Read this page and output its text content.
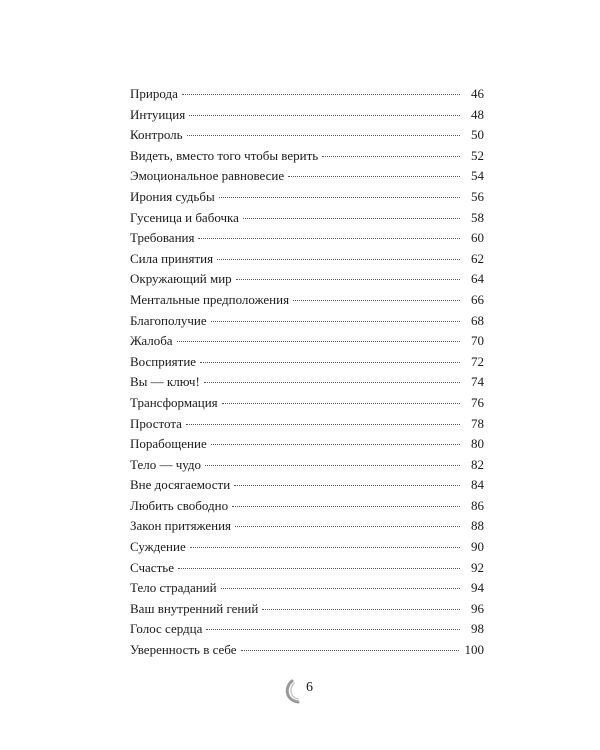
Природа	46
Интуиция	48
Контроль	50
Видеть, вместо того чтобы верить	52
Эмоциональное равновесие	54
Ирония судьбы	56
Гусеница и бабочка	58
Требования	60
Сила принятия	62
Окружающий мир	64
Ментальные предположения	66
Благополучие	68
Жалоба	70
Восприятие	72
Вы — ключ!	74
Трансформация	76
Простота	78
Порабощение	80
Тело — чудо	82
Вне досягаемости	84
Любить свободно	86
Закон притяжения	88
Суждение	90
Счастье	92
Тело страданий	94
Ваш внутренний гений	96
Голос сердца	98
Уверенность в себе	100
6
